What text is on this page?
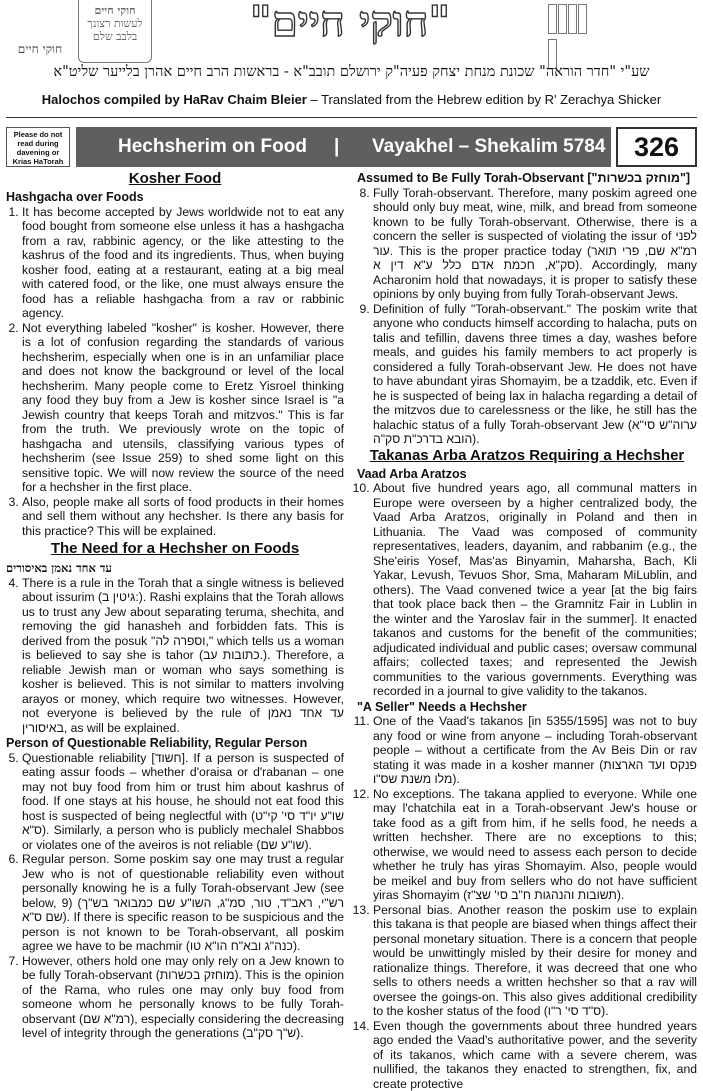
חוקי חיים
לעשות רצונך
בלבב שלם	"חוקי חיים"
חוקי חיים
שע"י "חדר הוראה" שכונת מנחת יצחק פעיה"ק ירושלם תובב"א - בראשות הרב חיים אהרן בלייער שליט"א
Halochos compiled by HaRav Chaim Bleier – Translated from the Hebrew edition by R' Zerachya Shicker
Please do not read during davening or Krias HaTorah
Hechsherim on Food | Vayakhel – Shekalim 5784	326
Kosher Food
Hashgacha over Foods
1. It has become accepted by Jews worldwide not to eat any food bought from someone else unless it has a hashgacha from a rav, rabbinic agency, or the like attesting to the kashrus of the food and its ingredients. Thus, when buying kosher food, eating at a restaurant, eating at a big meal with catered food, or the like, one must always ensure the food has a reliable hashgacha from a rav or rabbinic agency.
2. Not everything labeled "kosher" is kosher. However, there is a lot of confusion regarding the standards of various hechsherim, especially when one is in an unfamiliar place and does not know the background or level of the local hechsherim. Many people come to Eretz Yisroel thinking any food they buy from a Jew is kosher since Israel is "a Jewish country that keeps Torah and mitzvos." This is far from the truth. We previously wrote on the topic of hashgacha and utensils, classifying various types of hechsherim (see Issue 259) to shed some light on this sensitive topic. We will now review the source of the need for a hechsher in the first place.
3. Also, people make all sorts of food products in their homes and sell them without any hechsher. Is there any basis for this practice? This will be explained.
The Need for a Hechsher on Foods
עד אחד נאמן באיסורים
4. There is a rule in the Torah that a single witness is believed about issurim (גיטין ב:). Rashi explains that the Torah allows us to trust any Jew about separating teruma, shechita, and removing the gid hanasheh and forbidden fats. This is derived from the posuk "וספרה לה," which tells us a woman is believed to say she is tahor (כתובות עב.). Therefore, a reliable Jewish man or woman who says something is kosher is believed. This is not similar to matters involving arayos or money, which require two witnesses. However, not everyone is believed by the rule of עד אחד נאמן באיסורין, as will be explained.
Person of Questionable Reliability, Regular Person
5. Questionable reliability [חשוד]. If a person is suspected of eating assur foods – whether d'oraisa or d'rabanan – one may not buy food from him or trust him about kashrus of food. If one stays at his house, he should not eat food this host is suspected of being neglectful with (שו"ע יו"ד סי' קי"ט ס"א). Similarly, a person who is publicly mechalel Shabbos or violates one of the aveiros is not reliable (שו"ע שם).
6. Regular person. Some poskim say one may trust a regular Jew who is not of questionable reliability even without personally knowing he is a fully Torah-observant Jew (see below, 9) (רש"י, ראב"ד, טור, סמ"ג, השו"ע שם כמבואר בש"ך שם ס"א). If there is specific reason to be suspicious and the person is not known to be Torah-observant, all poskim agree we have to be machmir (כנה"ג ובא"ח הו"א טו).
7. However, others hold one may only rely on a Jew known to be fully Torah-observant (מוחזק בכשרות). This is the opinion of the Rama, who rules one may only buy food from someone whom he personally knows to be fully Torah-observant (רמ"א שם), especially considering the decreasing level of integrity through the generations (ש"ך סק"ב).
Assumed to Be Fully Torah-Observant ["מוחזק בכשרות"]
8. Fully Torah-observant. Therefore, many poskim agreed one should only buy meat, wine, milk, and bread from someone known to be fully Torah-observant. Otherwise, there is a concern the seller is suspected of violating the issur of לפני עור. This is the proper practice today (רמ"א שם, פרי תואר סק"א, חכמת אדם כלל ע"א דין א). Accordingly, many Acharonim hold that nowadays, it is proper to satisfy these opinions by only buying from fully Torah-observant Jews.
9. Definition of fully "Torah-observant." The poskim write that anyone who conducts himself according to halacha, puts on talis and tefillin, davens three times a day, washes before meals, and guides his family members to act properly is considered a fully Torah-observant Jew. He does not have to have abundant yiras Shomayim, be a tzaddik, etc. Even if he is suspected of being lax in halacha regarding a detail of the mitzvos due to carelessness or the like, he still has the halachic status of a fully Torah-observant Jew (ערוה"ש סי"א הובא בדרכ"ת סק"ה).
Takanas Arba Aratzos Requiring a Hechsher
Vaad Arba Aratzos
10. About five hundred years ago, all communal matters in Europe were overseen by a higher centralized body, the Vaad Arba Aratzos, originally in Poland and then in Lithuania. The Vaad was composed of community representatives, leaders, dayanim, and rabbanim (e.g., the She'eiris Yosef, Mas'as Binyamin, Maharsha, Bach, Kli Yakar, Levush, Tevuos Shor, Sma, Maharam MiLublin, and others). The Vaad convened twice a year [at the big fairs that took place back then – the Gramnitz Fair in Lublin in the winter and the Yaroslav fair in the summer]. It enacted takanos and customs for the benefit of the communities; adjudicated individual and public cases; oversaw communal affairs; collected taxes; and represented the Jewish communities to the various governments. Everything was recorded in a journal to give validity to the takanos.
"A Seller" Needs a Hechsher
11. One of the Vaad's takanos [in 5355/1595] was not to buy any food or wine from anyone – including Torah-observant people – without a certificate from the Av Beis Din or rav stating it was made in a kosher manner (פנקס ועד הארצות מלו משנת שס"ו).
12. No exceptions. The takana applied to everyone. While one may l'chatchila eat in a Torah-observant Jew's house or take food as a gift from him, if he sells food, he needs a written hechsher. There are no exceptions to this; otherwise, we would need to assess each person to decide whether he truly has yiras Shomayim. Also, people would be meikel and buy from sellers who do not have sufficient yiras Shomayim (תשובות והנהגות ח"ב סי' שצ"ז).
13. Personal bias. Another reason the poskim use to explain this takana is that people are biased when things affect their personal monetary situation. There is a concern that people would be unwittingly misled by their desire for money and rationalize things. Therefore, it was decreed that one who sells to others needs a written hechsher so that a rav will oversee the goings-on. This also gives additional credibility to the kosher status of the food (ס"ד סי' ר"ו).
14. Even though the governments about three hundred years ago ended the Vaad's authoritative power, and the severity of its takanos, which came with a severe cherem, was nullified, the takanos they enacted to strengthen, fix, and create protective
